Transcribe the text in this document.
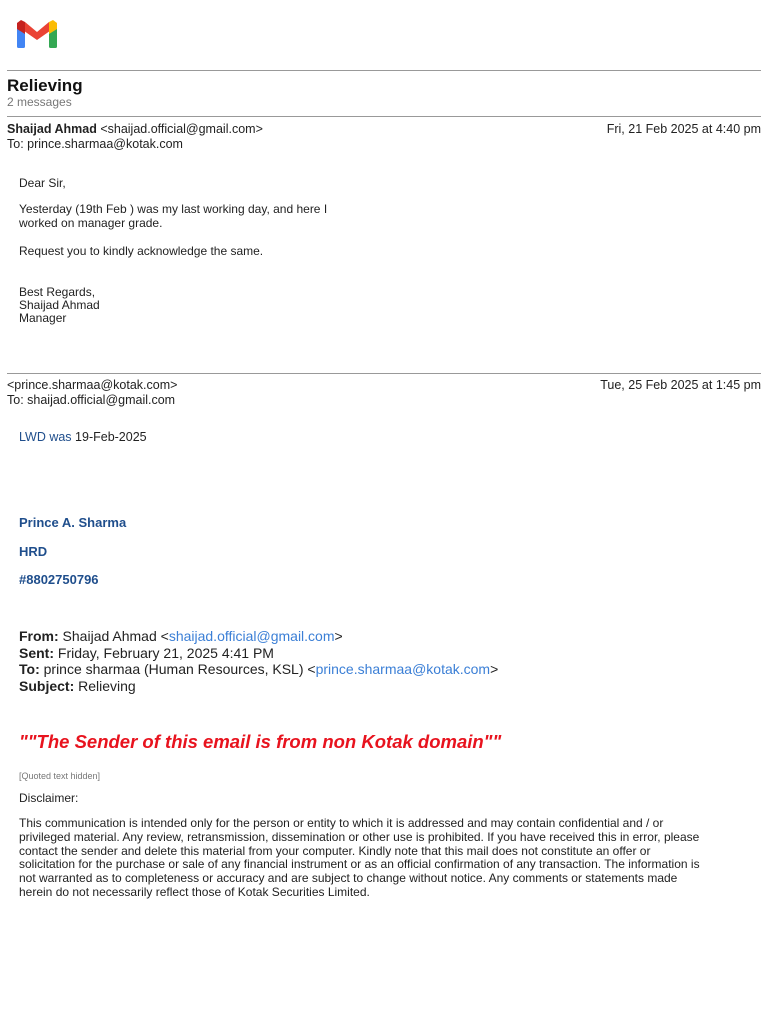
Relieving
2 messages
Shaijad Ahmad <shaijad.official@gmail.com>	Fri, 21 Feb 2025 at 4:40 pm
To: prince.sharmaa@kotak.com
Dear Sir,
Yesterday (19th Feb ) was my last working day, and here I
worked on manager grade.
Request you to kindly acknowledge the same.
Best Regards,
Shaijad Ahmad
Manager
<prince.sharmaa@kotak.com>	Tue, 25 Feb 2025 at 1:45 pm
To: shaijad.official@gmail.com
LWD was 19-Feb-2025
Prince A. Sharma
HRD
#8802750796
From: Shaijad Ahmad <shaijad.official@gmail.com>
Sent: Friday, February 21, 2025 4:41 PM
To: prince sharmaa (Human Resources, KSL) <prince.sharmaa@kotak.com>
Subject: Relieving
""The Sender of this email is from non Kotak domain""
[Quoted text hidden]
Disclaimer:
This communication is intended only for the person or entity to which it is addressed and may contain confidential and / or
privileged material. Any review, retransmission, dissemination or other use is prohibited. If you have received this in error, please
contact the sender and delete this material from your computer. Kindly note that this mail does not constitute an offer or
solicitation for the purchase or sale of any financial instrument or as an official confirmation of any transaction. The information is
not warranted as to completeness or accuracy and are subject to change without notice. Any comments or statements made
herein do not necessarily reflect those of Kotak Securities Limited.
